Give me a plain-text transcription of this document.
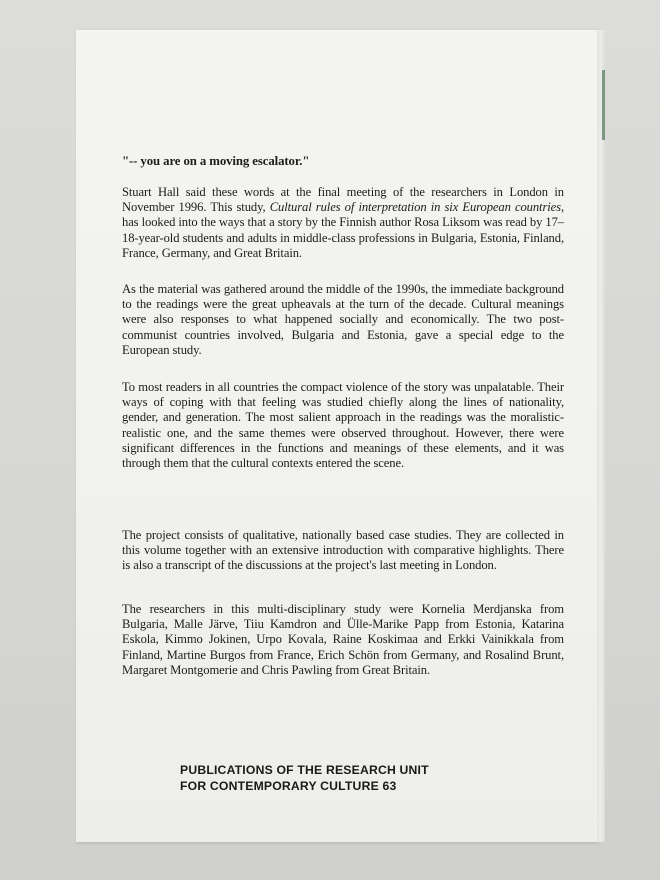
"-- you are on a moving escalator."
Stuart Hall said these words at the final meeting of the researchers in London in November 1996. This study, Cultural rules of interpretation in six European countries, has looked into the ways that a story by the Finnish author Rosa Liksom was read by 17–18-year-old students and adults in middle-class professions in Bulgaria, Estonia, Finland, France, Germany, and Great Britain.
As the material was gathered around the middle of the 1990s, the immediate background to the readings were the great upheavals at the turn of the decade. Cultural meanings were also responses to what happened socially and economically. The two post-communist countries involved, Bulgaria and Estonia, gave a special edge to the European study.
To most readers in all countries the compact violence of the story was unpalatable. Their ways of coping with that feeling was studied chiefly along the lines of nationality, gender, and generation. The most salient approach in the readings was the moralistic-realistic one, and the same themes were observed throughout. However, there were significant differences in the functions and meanings of these elements, and it was through them that the cultural contexts entered the scene.
The project consists of qualitative, nationally based case studies. They are collected in this volume together with an extensive introduction with comparative highlights. There is also a transcript of the discussions at the project's last meeting in London.
The researchers in this multi-disciplinary study were Kornelia Merdjanska from Bulgaria, Malle Järve, Tiiu Kamdron and Ülle-Marike Papp from Estonia, Katarina Eskola, Kimmo Jokinen, Urpo Kovala, Raine Koskimaa and Erkki Vainikkala from Finland, Martine Burgos from France, Erich Schön from Germany, and Rosalind Brunt, Margaret Montgomerie and Chris Pawling from Great Britain.
PUBLICATIONS OF THE RESEARCH UNIT
FOR CONTEMPORARY CULTURE 63
